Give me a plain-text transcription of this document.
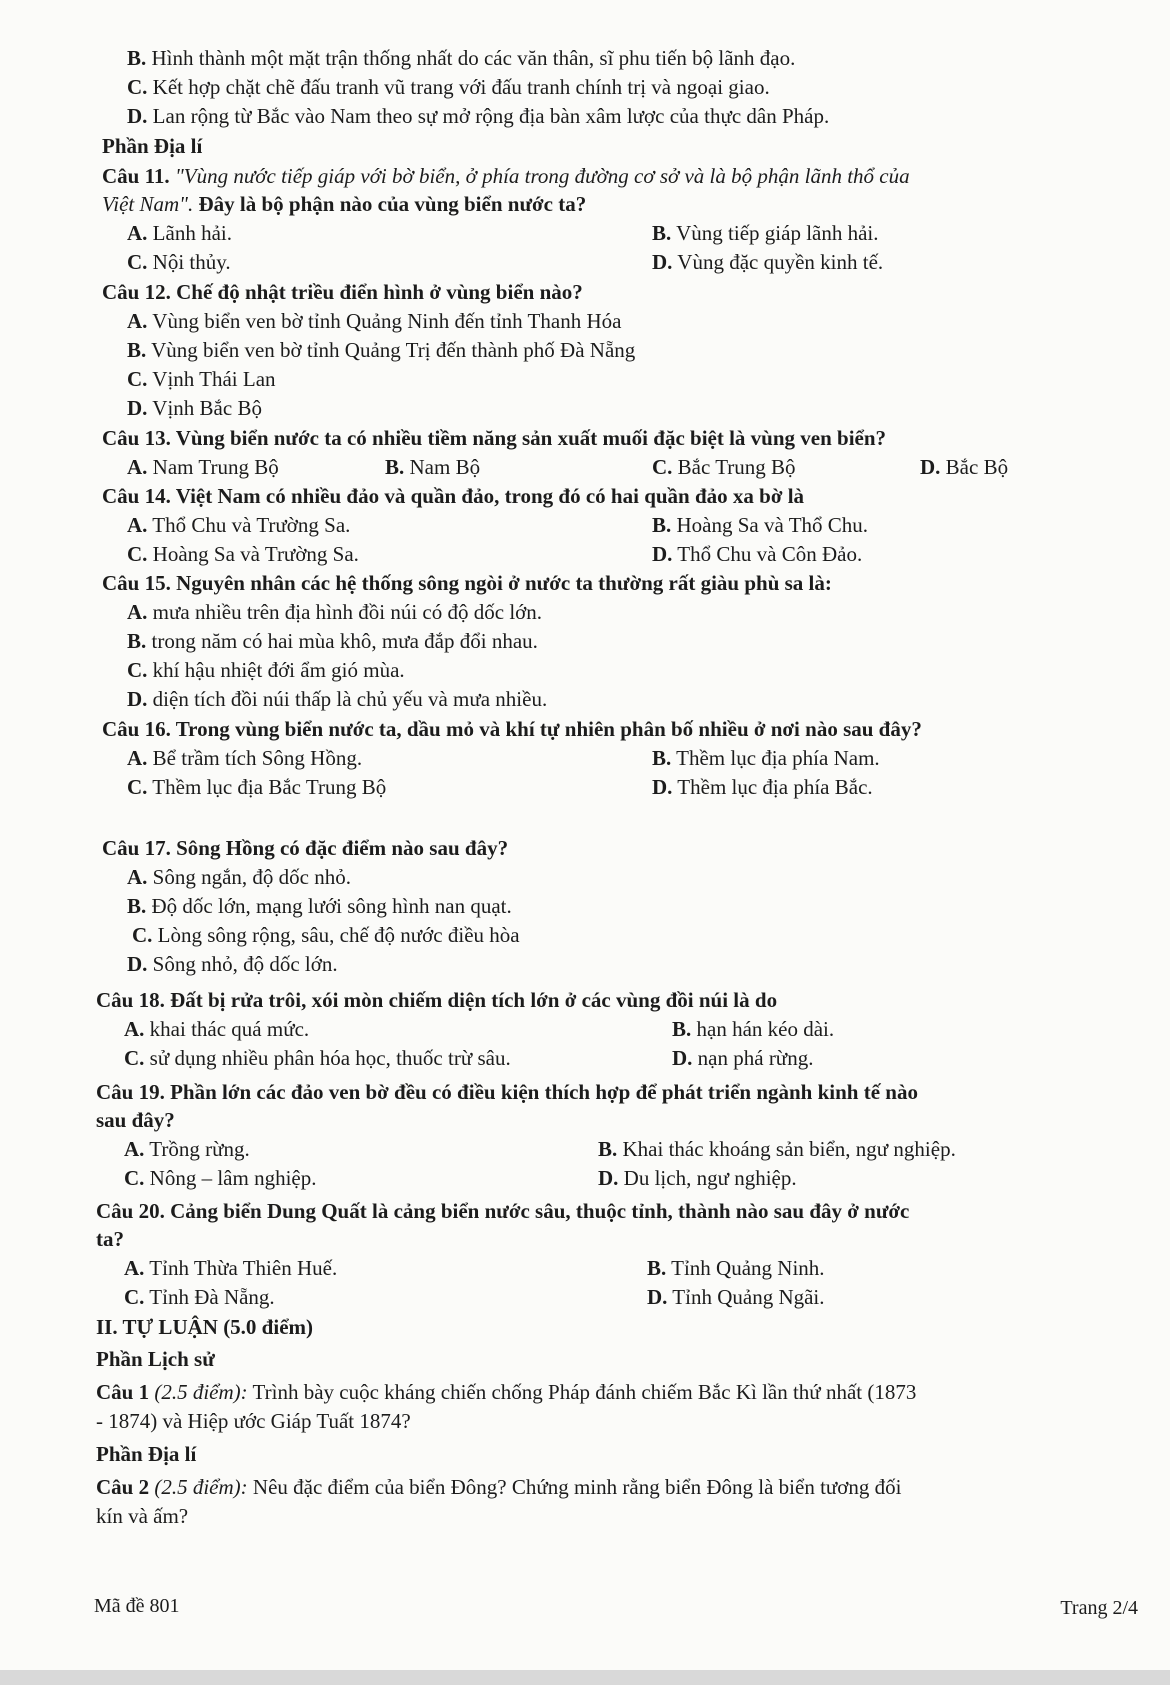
B. Hình thành một mặt trận thống nhất do các văn thân, sĩ phu tiến bộ lãnh đạo.
C. Kết hợp chặt chẽ đấu tranh vũ trang với đấu tranh chính trị và ngoại giao.
D. Lan rộng từ Bắc vào Nam theo sự mở rộng địa bàn xâm lược của thực dân Pháp.
Phần Địa lí
Câu 11. "Vùng nước tiếp giáp với bờ biển, ở phía trong đường cơ sở và là bộ phận lãnh thổ của
Việt Nam". Đây là bộ phận nào của vùng biển nước ta?
A. Lãnh hải.	B. Vùng tiếp giáp lãnh hải.
C. Nội thủy.	D. Vùng đặc quyền kinh tế.
Câu 12. Chế độ nhật triều điển hình ở vùng biển nào?
A. Vùng biển ven bờ tỉnh Quảng Ninh đến tỉnh Thanh Hóa
B. Vùng biển ven bờ tỉnh Quảng Trị đến thành phố Đà Nẵng
C. Vịnh Thái Lan
D. Vịnh Bắc Bộ
Câu 13. Vùng biển nước ta có nhiều tiềm năng sản xuất muối đặc biệt là vùng ven biển?
A. Nam Trung Bộ	B. Nam Bộ	C. Bắc Trung Bộ	D. Bắc Bộ
Câu 14. Việt Nam có nhiều đảo và quần đảo, trong đó có hai quần đảo xa bờ là
A. Thổ Chu và Trường Sa.	B. Hoàng Sa và Thổ Chu.
C. Hoàng Sa và Trường Sa.	D. Thổ Chu và Côn Đảo.
Câu 15. Nguyên nhân các hệ thống sông ngòi ở nước ta thường rất giàu phù sa là:
A. mưa nhiều trên địa hình đồi núi có độ dốc lớn.
B. trong năm có hai mùa khô, mưa đắp đổi nhau.
C. khí hậu nhiệt đới ẩm gió mùa.
D. diện tích đồi núi thấp là chủ yếu và mưa nhiều.
Câu 16. Trong vùng biển nước ta, dầu mỏ và khí tự nhiên phân bố nhiều ở nơi nào sau đây?
A. Bể trầm tích Sông Hồng.	B. Thềm lục địa phía Nam.
C. Thềm lục địa Bắc Trung Bộ	D. Thềm lục địa phía Bắc.
Câu 17. Sông Hồng có đặc điểm nào sau đây?
A. Sông ngắn, độ dốc nhỏ.
B. Độ dốc lớn, mạng lưới sông hình nan quạt.
C. Lòng sông rộng, sâu, chế độ nước điều hòa
D. Sông nhỏ, độ dốc lớn.
Câu 18. Đất bị rửa trôi, xói mòn chiếm diện tích lớn ở các vùng đồi núi là do
A. khai thác quá mức.	B. hạn hán kéo dài.
C. sử dụng nhiều phân hóa học, thuốc trừ sâu.	D. nạn phá rừng.
Câu 19. Phần lớn các đảo ven bờ đều có điều kiện thích hợp để phát triển ngành kinh tế nào
sau đây?
A. Trồng rừng.	B. Khai thác khoáng sản biển, ngư nghiệp.
C. Nông – lâm nghiệp.	D. Du lịch, ngư nghiệp.
Câu 20. Cảng biển Dung Quất là cảng biển nước sâu, thuộc tỉnh, thành nào sau đây ở nước
ta?
A. Tỉnh Thừa Thiên Huế.	B. Tỉnh Quảng Ninh.
C. Tỉnh Đà Nẵng.	D. Tỉnh Quảng Ngãi.
II. TỰ LUẬN (5.0 điểm)
Phần Lịch sử
Câu 1 (2.5 điểm): Trình bày cuộc kháng chiến chống Pháp đánh chiếm Bắc Kì lần thứ nhất (1873
- 1874) và Hiệp ước Giáp Tuất 1874?
Phần Địa lí
Câu 2 (2.5 điểm): Nêu đặc điểm của biển Đông? Chứng minh rằng biển Đông là biển tương đối
kín và ấm?
Mã đề 801	Trang 2/4
